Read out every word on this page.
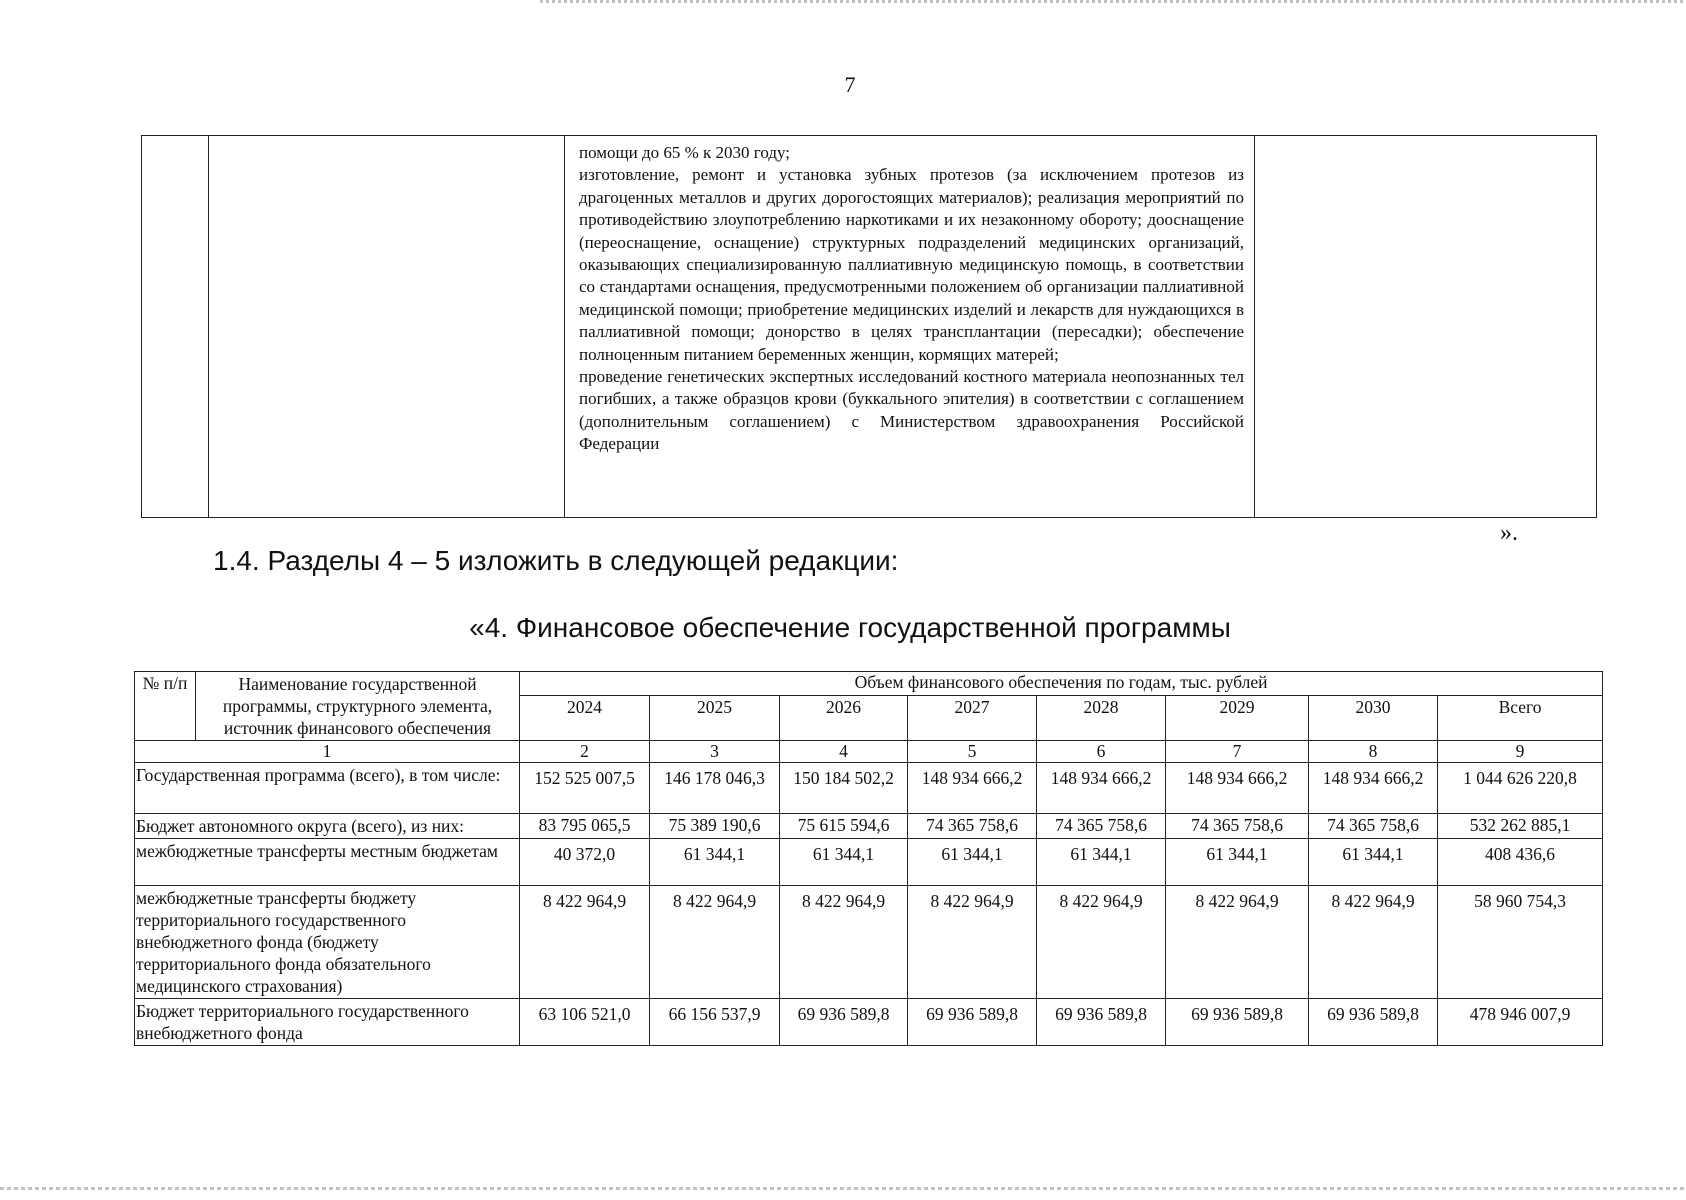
7

помощи до 65 % к 2030 году;

изготовление, ремонт и установка зубных протезов (за исключением протезов из драгоценных металлов и других дорогостоящих материалов); реализация мероприятий по противодействию злоупотреблению наркотиками и их незаконному обороту; дооснащение (переоснащение, оснащение) структурных подразделений медицинских организаций, оказывающих специализированную паллиативную медицинскую помощь, в соответствии со стандартами оснащения, предусмотренными положением об организации паллиативной медицинской помощи; приобретение медицинских изделий и лекарств для нуждающихся в паллиативной помощи; донорство в целях трансплантации (пересадки); обеспечение полноценным питанием беременных женщин, кормящих матерей;

проведение генетических экспертных исследований костного материала неопознанных тел погибших, а также образцов крови (буккального эпителия) в соответствии с соглашением (дополнительным соглашением) с Министерством здравоохранения Российской Федерации

».
1.4. Разделы 4 – 5 изложить в следующей редакции:
«4. Финансовое обеспечение государственной программы
№ п/п	Наименование государственной программы, структурного элемента, источник финансового обеспечения	Объем финансового обеспечения по годам, тыс. рублей							
		2024	2025	2026	2027	2028	2029	2030	Всего
1		2	3	4	5	6	7	8	9
Государственная программа (всего), в том числе:		152 525 007,5	146 178 046,3	150 184 502,2	148 934 666,2	148 934 666,2	148 934 666,2	148 934 666,2	1 044 626 220,8
Бюджет автономного округа (всего), из них:		83 795 065,5	75 389 190,6	75 615 594,6	74 365 758,6	74 365 758,6	74 365 758,6	74 365 758,6	532 262 885,1
межбюджетные трансферты местным бюджетам		40 372,0	61 344,1	61 344,1	61 344,1	61 344,1	61 344,1	61 344,1	408 436,6
межбюджетные трансферты бюджету территориального государственного внебюджетного фонда (бюджету территориального фонда обязательного медицинского страхования)		8 422 964,9	8 422 964,9	8 422 964,9	8 422 964,9	8 422 964,9	8 422 964,9	8 422 964,9	58 960 754,3
Бюджет территориального государственного внебюджетного фонда		63 106 521,0	66 156 537,9	69 936 589,8	69 936 589,8	69 936 589,8	69 936 589,8	69 936 589,8	478 946 007,9
